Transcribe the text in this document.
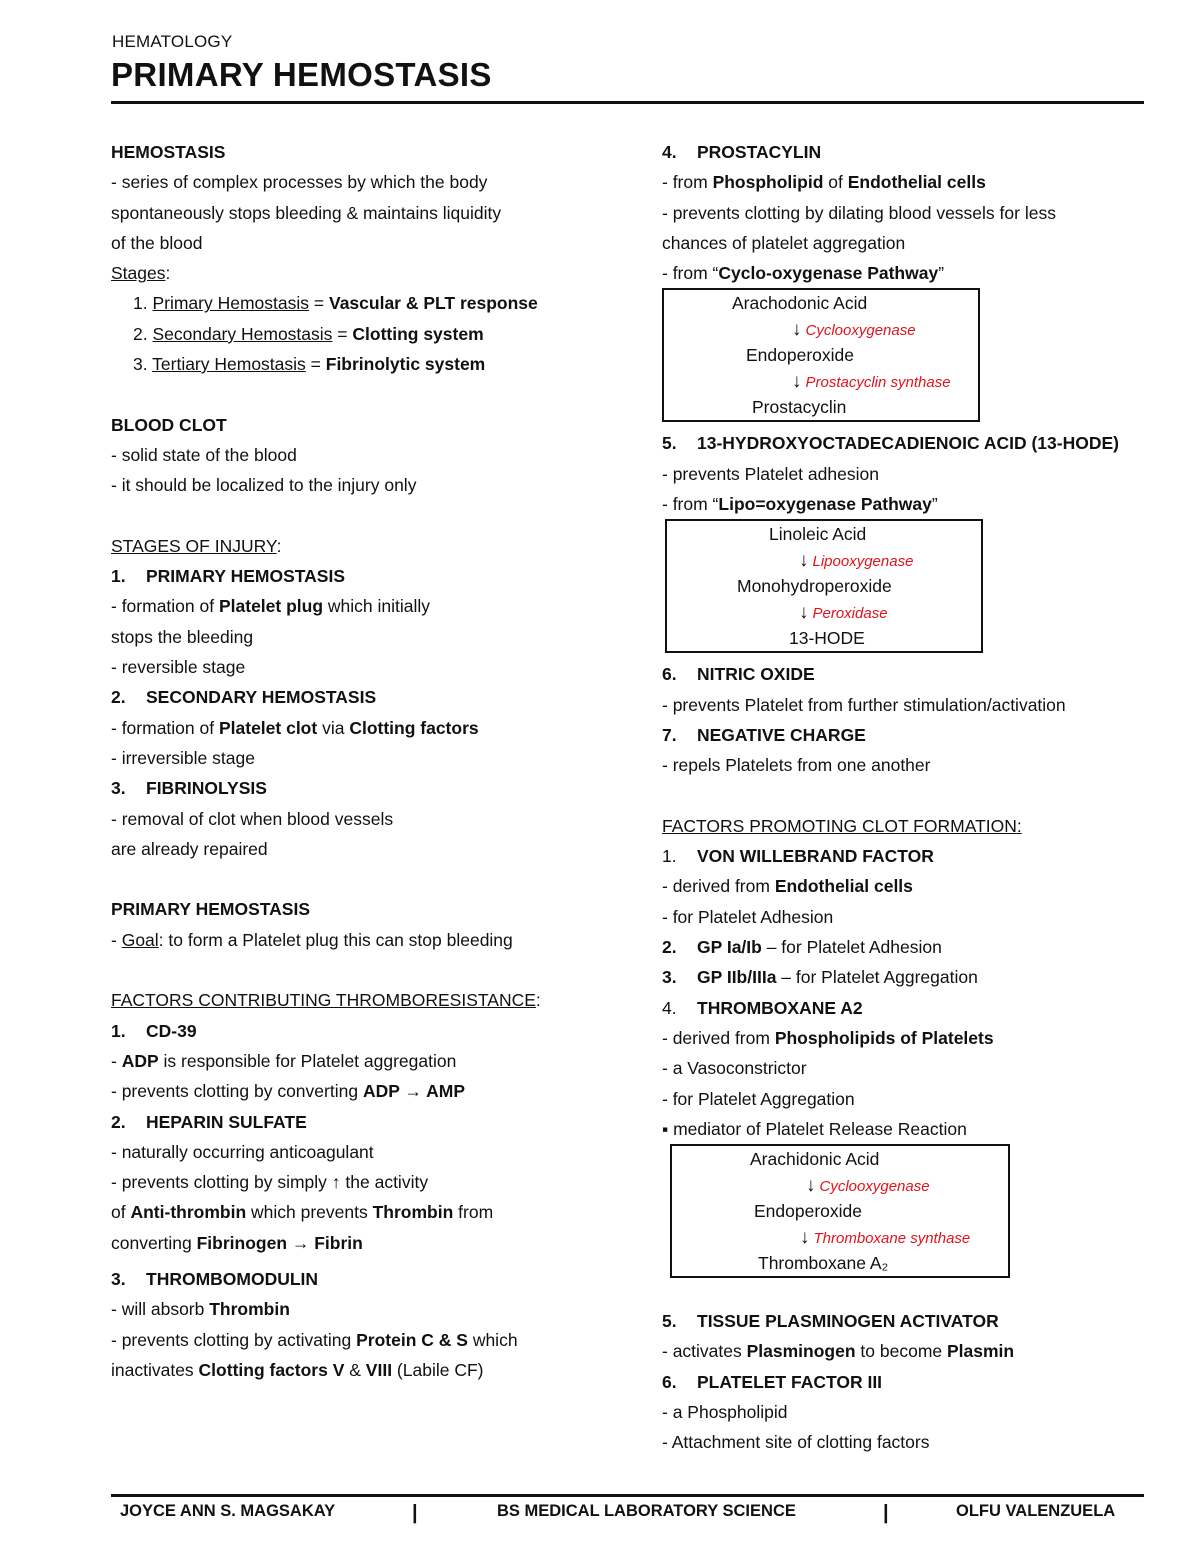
HEMATOLOGY
PRIMARY HEMOSTASIS
HEMOSTASIS
- series of complex processes by which the body
spontaneously stops bleeding & maintains liquidity
of the blood
Stages:
1. Primary Hemostasis = Vascular & PLT response
2. Secondary Hemostasis = Clotting system
3. Tertiary Hemostasis = Fibrinolytic system
BLOOD CLOT
- solid state of the blood
- it should be localized to the injury only
STAGES OF INJURY:
1. PRIMARY HEMOSTASIS
- formation of Platelet plug which initially
stops the bleeding
- reversible stage
2. SECONDARY HEMOSTASIS
- formation of Platelet clot via Clotting factors
- irreversible stage
3. FIBRINOLYSIS
- removal of clot when blood vessels
are already repaired
PRIMARY HEMOSTASIS
- Goal: to form a Platelet plug this can stop bleeding
FACTORS CONTRIBUTING THROMBORESISTANCE:
1. CD-39
- ADP is responsible for Platelet aggregation
- prevents clotting by converting ADP → AMP
2. HEPARIN SULFATE
- naturally occurring anticoagulant
- prevents clotting by simply ↑ the activity
of Anti-thrombin which prevents Thrombin from
converting Fibrinogen → Fibrin
3. THROMBOMODULIN
- will absorb Thrombin
- prevents clotting by activating Protein C & S which
inactivates Clotting factors V & VIII (Labile CF)
4. PROSTACYLIN
- from Phospholipid of Endothelial cells
- prevents clotting by dilating blood vessels for less
chances of platelet aggregation
- from “Cyclo-oxygenase Pathway”
Arachodonic Acid
↓ Cyclooxygenase
Endoperoxide
↓ Prostacyclin synthase
Prostacyclin
5. 13-HYDROXYOCTADECADIENOIC ACID (13-HODE)
- prevents Platelet adhesion
- from “Lipo=oxygenase Pathway”
Linoleic Acid
↓ Lipooxygenase
Monohydroperoxide
↓ Peroxidase
13-HODE
6. NITRIC OXIDE
- prevents Platelet from further stimulation/activation
7. NEGATIVE CHARGE
- repels Platelets from one another
FACTORS PROMOTING CLOT FORMATION:
1. VON WILLEBRAND FACTOR
- derived from Endothelial cells
- for Platelet Adhesion
2. GP Ia/Ib – for Platelet Adhesion
3. GP IIb/IIIa – for Platelet Aggregation
4. THROMBOXANE A2
- derived from Phospholipids of Platelets
- a Vasoconstrictor
- for Platelet Aggregation
▪ mediator of Platelet Release Reaction
Arachidonic Acid
↓ Cyclooxygenase
Endoperoxide
↓ Thromboxane synthase
Thromboxane A₂
5. TISSUE PLASMINOGEN ACTIVATOR
- activates Plasminogen to become Plasmin
6. PLATELET FACTOR III
- a Phospholipid
- Attachment site of clotting factors
JOYCE ANN S. MAGSAKAY	|	BS MEDICAL LABORATORY SCIENCE	|	OLFU VALENZUELA
